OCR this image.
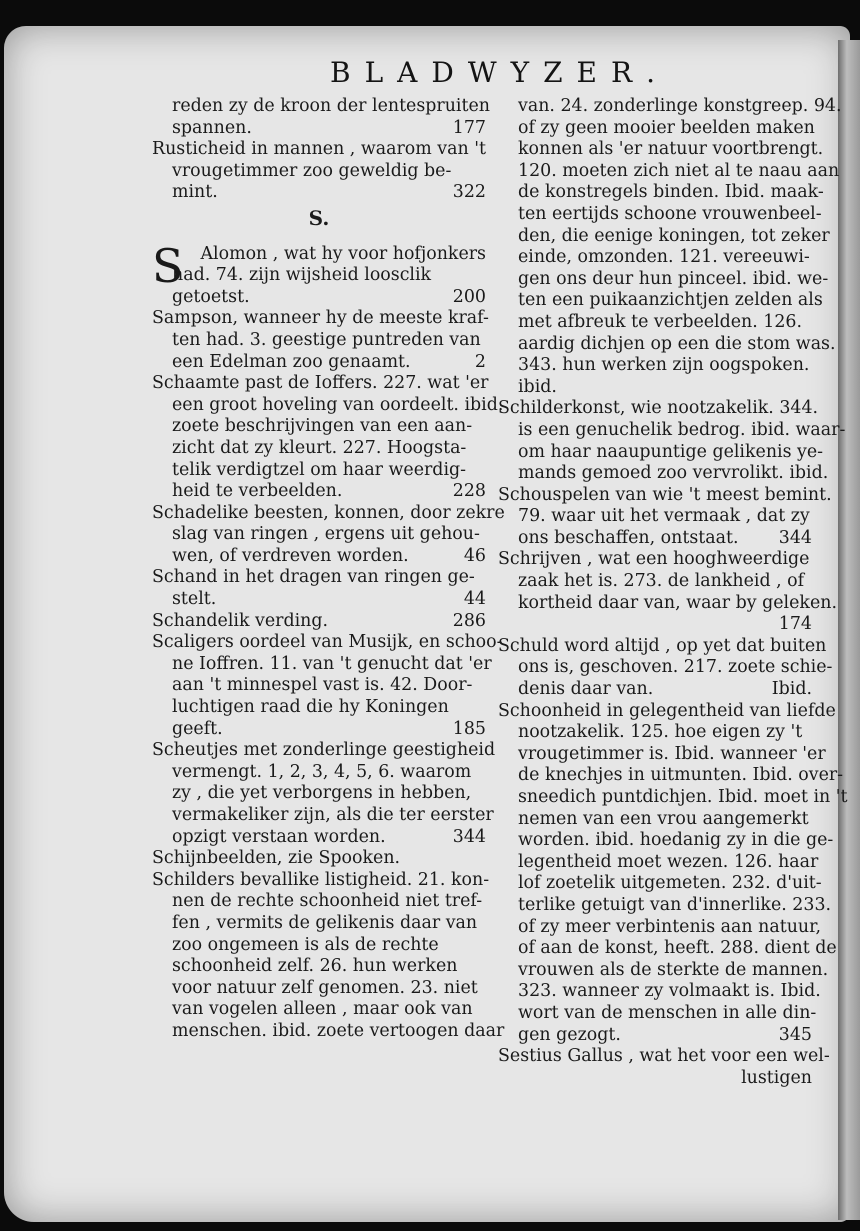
BLADWYZER.
reden zy de kroon der lentespruiten
spannen.	177
Rusticheid in mannen , waarom van 't
vrougetimmer zoo geweldig be-
mint.	322
S.
S Alomon , wat hy voor hofjonkers
had. 74. zijn wijsheid loosclik
getoetst.	200
Sampson, wanneer hy de meeste kraf-
ten had. 3. geestige puntreden van
een Edelman zoo genaamt.	2
Schaamte past de Ioffers. 227. wat 'er
een groot hoveling van oordeelt. ibid.
zoete beschrijvingen van een aan-
zicht dat zy kleurt. 227. Hoogsta-
telik verdigtzel om haar weerdig-
heid te verbeelden.	228
Schadelike beesten, konnen, door zekre
slag van ringen , ergens uit gehou-
wen, of verdreven worden.	46
Schand in het dragen van ringen ge-
stelt.	44
Schandelik verding.	286
Scaligers oordeel van Musijk, en schoo-
ne Ioffren. 11. van 't genucht dat 'er
aan 't minnespel vast is. 42. Door-
luchtigen raad die hy Koningen
geeft.	185
Scheutjes met zonderlinge geestigheid
vermengt. 1, 2, 3, 4, 5, 6. waarom
zy , die yet verborgens in hebben,
vermakeliker zijn, als die ter eerster
opzigt verstaan worden.	344
Schijnbeelden, zie Spooken.
Schilders bevallike listigheid. 21. kon-
nen de rechte schoonheid niet tref-
fen , vermits de gelikenis daar van
zoo ongemeen is als de rechte
schoonheid zelf. 26. hun werken
voor natuur zelf genomen. 23. niet
van vogelen alleen , maar ook van
menschen. ibid. zoete vertoogen daar
van. 24. zonderlinge konstgreep. 94.
of zy geen mooier beelden maken
konnen als 'er natuur voortbrengt.
120. moeten zich niet al te naau aan
de konstregels binden. Ibid. maak-
ten eertijds schoone vrouwenbeel-
den, die eenige koningen, tot zeker
einde, omzonden. 121. vereeuwi-
gen ons deur hun pinceel. ibid. we-
ten een puikaanzichtjen zelden als
met afbreuk te verbeelden. 126.
aardig dichjen op een die stom was.
343. hun werken zijn oogspoken.
ibid.
Schilderkonst, wie nootzakelik. 344.
is een genuchelik bedrog. ibid. waar-
om haar naaupuntige gelikenis ye-
mands gemoed zoo vervrolikt. ibid.
Schouspelen van wie 't meest bemint.
79. waar uit het vermaak , dat zy
ons beschaffen, ontstaat. 344
Schrijven , wat een hooghweerdige
zaak het is. 273. de lankheid , of
kortheid daar van, waar by geleken.
174
Schuld word altijd , op yet dat buiten
ons is, geschoven. 217. zoete schie-
denis daar van.	Ibid.
Schoonheid in gelegentheid van liefde
nootzakelik. 125. hoe eigen zy 't
vrougetimmer is. Ibid. wanneer 'er
de knechjes in uitmunten. Ibid. over-
sneedich puntdichjen. Ibid. moet in 't
nemen van een vrou aangemerkt
worden. ibid. hoedanig zy in die ge-
legentheid moet wezen. 126. haar
lof zoetelik uitgemeten. 232. d'uit-
terlike getuigt van d'innerlike. 233.
of zy meer verbintenis aan natuur,
of aan de konst, heeft. 288. dient de
vrouwen als de sterkte de mannen.
323. wanneer zy volmaakt is. Ibid.
wort van de menschen in alle din-
gen gezogt.	345
Sestius Gallus , wat het voor een wel-
lustigen
